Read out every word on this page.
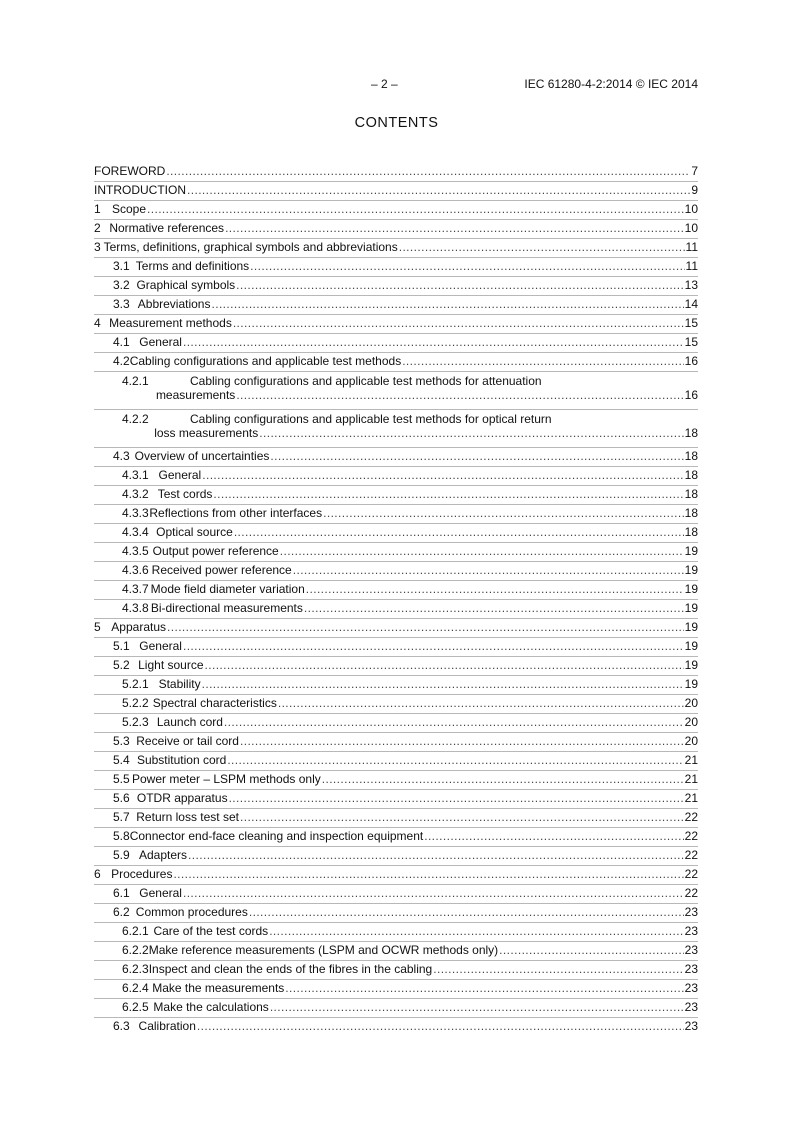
– 2 –	IEC 61280-4-2:2014 © IEC 2014
CONTENTS
FOREWORD .....	7
INTRODUCTION .....	9
1 Scope .....	10
2 Normative references .....	10
3 Terms, definitions, graphical symbols and abbreviations .....	11
3.1 Terms and definitions .....	11
3.2 Graphical symbols .....	13
3.3 Abbreviations .....	14
4 Measurement methods .....	15
4.1 General .....	15
4.2 Cabling configurations and applicable test methods .....	16
4.2.1	Cabling configurations and applicable test methods for attenuation
measurements .....	16
4.2.2	Cabling configurations and applicable test methods for optical return
loss measurements .....	18
4.3 Overview of uncertainties .....	18
4.3.1 General .....	18
4.3.2 Test cords .....	18
4.3.3 Reflections from other interfaces .....	18
4.3.4 Optical source .....	18
4.3.5 Output power reference .....	19
4.3.6 Received power reference .....	19
4.3.7 Mode field diameter variation .....	19
4.3.8 Bi-directional measurements .....	19
5 Apparatus .....	19
5.1 General .....	19
5.2 Light source .....	19
5.2.1 Stability .....	19
5.2.2 Spectral characteristics .....	20
5.2.3 Launch cord .....	20
5.3 Receive or tail cord .....	20
5.4 Substitution cord .....	21
5.5 Power meter – LSPM methods only .....	21
5.6 OTDR apparatus .....	21
5.7 Return loss test set .....	22
5.8 Connector end-face cleaning and inspection equipment .....	22
5.9 Adapters .....	22
6 Procedures .....	22
6.1 General .....	22
6.2 Common procedures .....	23
6.2.1 Care of the test cords .....	23
6.2.2 Make reference measurements (LSPM and OCWR methods only) .....	23
6.2.3 Inspect and clean the ends of the fibres in the cabling .....	23
6.2.4 Make the measurements .....	23
6.2.5 Make the calculations .....	23
6.3 Calibration .....	23
